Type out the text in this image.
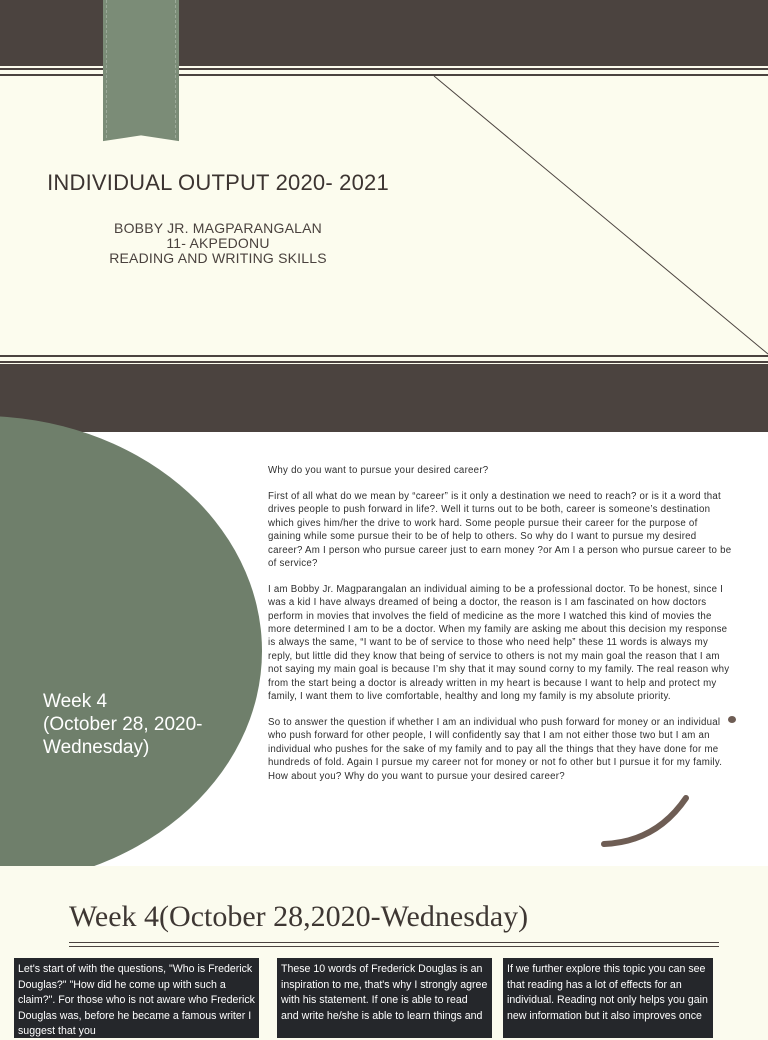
INDIVIDUAL OUTPUT 2020- 2021
BOBBY JR. MAGPARANGALAN
11- AKPEDONU
READING AND WRITING SKILLS
Week 4
(October 28, 2020-
Wednesday)

Why do you want to pursue your desired career?

First of all what do we mean by “career” is it only a destination we need to reach? or is it a word that drives people to push forward in life?. Well it turns out to be both, career is someone’s destination which gives him/her the drive to work hard. Some people pursue their career for the purpose of gaining while some pursue their to be of help to others. So why do I want to pursue my desired career? Am I person who pursue career just to earn money ?or Am I a person who pursue career to be of service?

I am Bobby Jr. Magparangalan an individual aiming to be a professional doctor. To be honest, since I was a kid I have always dreamed of being a doctor, the reason is I am fascinated on how doctors perform in movies that involves the field of medicine as the more I watched this kind of movies the more determined I am to be a doctor. When my family are asking me about this decision my response is always the same, “I want to be of service to those who need help” these 11 words is always my reply, but little did they know that being of service to others is not my main goal the reason that I am not saying my main goal is because I’m shy that it may sound corny to my family. The real reason why from the start being a doctor is already written in my heart is because I want to help and protect my family, I want them to live comfortable, healthy and long my family is my absolute priority.

So to answer the question if whether I am an individual who push forward for money or an individual who push forward for other people, I will confidently say that I am not either those two but I am an individual who pushes for the sake of my family and to pay all the things that they have done for me hundreds of fold. Again I pursue my career not for money or not fo other but I pursue it for my family. How about you? Why do you want to pursue your desired career?

Week 4(October 28,2020-Wednesday)
Let's start of with the questions, "Who is Frederick Douglas?" "How did he come up with such a claim?". For those who is not aware who Frederick Douglas was, before he became a famous writer I suggest that you
These 10 words of Frederick Douglas is an inspiration to me, that's why I strongly agree with his statement. If one is able to read and write he/she is able to learn things and
If we further explore this topic you can see that reading has a lot of effects for an individual. Reading not only helps you gain new information but it also improves once
